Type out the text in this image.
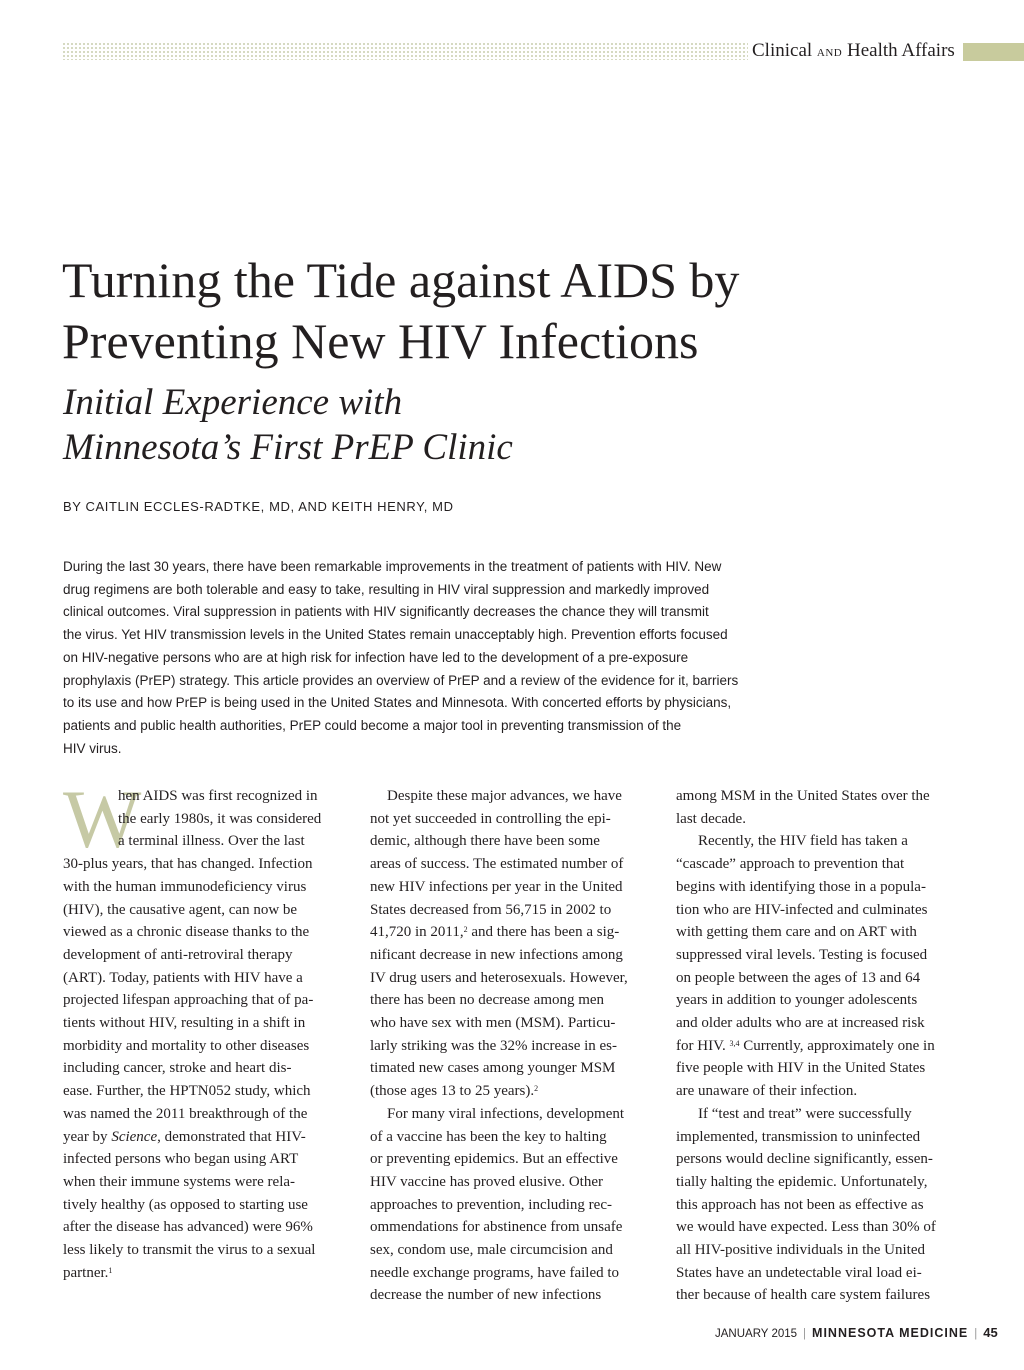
Clinical AND Health Affairs
Turning the Tide against AIDS by
Preventing New HIV Infections
Initial Experience with
Minnesota’s First PrEP Clinic
BY CAITLIN ECCLES-RADTKE, MD, AND KEITH HENRY, MD
During the last 30 years, there have been remarkable improvements in the treatment of patients with HIV. New
drug regimens are both tolerable and easy to take, resulting in HIV viral suppression and markedly improved
clinical outcomes. Viral suppression in patients with HIV significantly decreases the chance they will transmit
the virus. Yet HIV transmission levels in the United States remain unacceptably high. Prevention efforts focused
on HIV-negative persons who are at high risk for infection have led to the development of a pre-exposure
prophylaxis (PrEP) strategy. This article provides an overview of PrEP and a review of the evidence for it, barriers
to its use and how PrEP is being used in the United States and Minnesota. With concerted efforts by physicians,
patients and public health authorities, PrEP could become a major tool in preventing transmission of the
HIV virus.
W
hen AIDS was first recognized in
the early 1980s, it was considered
a terminal illness. Over the last
30-plus years, that has changed. Infection
with the human immunodeficiency virus
(HIV), the causative agent, can now be
viewed as a chronic disease thanks to the
development of anti-retroviral therapy
(ART). Today, patients with HIV have a
projected lifespan approaching that of pa-
tients without HIV, resulting in a shift in
morbidity and mortality to other diseases
including cancer, stroke and heart dis-
ease. Further, the HPTN052 study, which
was named the 2011 breakthrough of the
year by Science, demonstrated that HIV-
infected persons who began using ART
when their immune systems were rela-
tively healthy (as opposed to starting use
after the disease has advanced) were 96%
less likely to transmit the virus to a sexual
partner.$^1$
Despite these major advances, we have
not yet succeeded in controlling the epi-
demic, although there have been some
areas of success. The estimated number of
new HIV infections per year in the United
States decreased from 56,715 in 2002 to
41,720 in 2011,$^2$ and there has been a sig-
nificant decrease in new infections among
IV drug users and heterosexuals. However,
there has been no decrease among men
who have sex with men (MSM). Particu-
larly striking was the 32% increase in es-
timated new cases among younger MSM
(those ages 13 to 25 years).$^2$
For many viral infections, development
of a vaccine has been the key to halting
or preventing epidemics. But an effective
HIV vaccine has proved elusive. Other
approaches to prevention, including rec-
ommendations for abstinence from unsafe
sex, condom use, male circumcision and
needle exchange programs, have failed to
decrease the number of new infections
among MSM in the United States over the
last decade.
Recently, the HIV field has taken a
“cascade” approach to prevention that
begins with identifying those in a popula-
tion who are HIV-infected and culminates
with getting them care and on ART with
suppressed viral levels. Testing is focused
on people between the ages of 13 and 64
years in addition to younger adolescents
and older adults who are at increased risk
for HIV. $^{3,4}$ Currently, approximately one in
five people with HIV in the United States
are unaware of their infection.
If “test and treat” were successfully
implemented, transmission to uninfected
persons would decline significantly, essen-
tially halting the epidemic. Unfortunately,
this approach has not been as effective as
we would have expected. Less than 30% of
all HIV-positive individuals in the United
States have an undetectable viral load ei-
ther because of health care system failures
JANUARY 2015 | MINNESOTA MEDICINE | 45
